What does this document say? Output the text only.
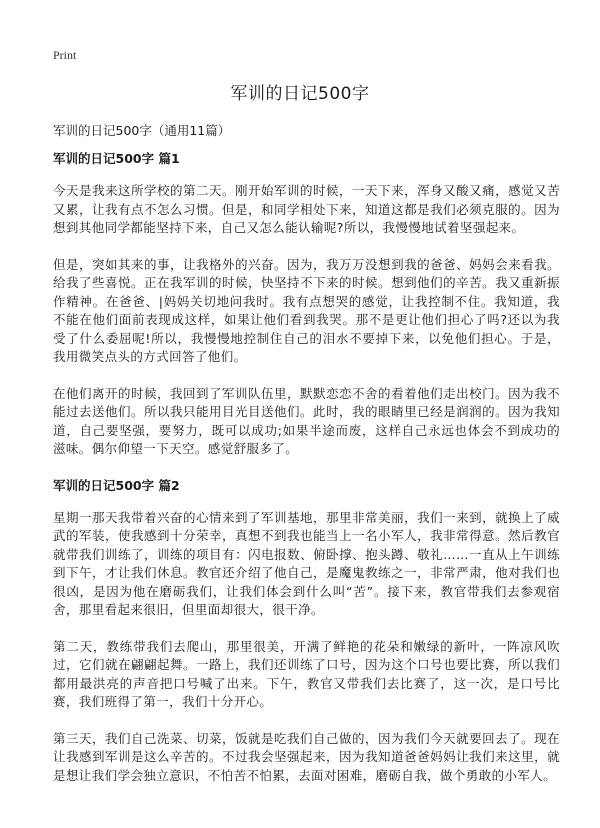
Print
军训的日记500字

军训的日记500字（通用11篇）

军训的日记500字 篇1

今天是我来这所学校的第二天。刚开始军训的时候，一天下来，浑身又酸又痛，感觉又苦又累，让我有点不怎么习惯。但是，和同学相处下来，知道这都是我们必须克服的。因为想到其他同学都能坚持下来，自己又怎么能认输呢?所以，我慢慢地试着坚强起来。

但是，突如其来的事，让我格外的兴奋。因为，我万万没想到我的爸爸、妈妈会来看我。给我了些喜悦。正在我军训的时候，快坚持不下来的时候。想到他们的辛苦。我又重新振作精神。在爸爸、|妈妈关切地问我时。我有点想哭的感觉，让我控制不住。我知道，我不能在他们面前表现成这样，如果让他们看到我哭。那不是更让他们担心了吗?还以为我受了什么委屈呢!所以，我慢慢地控制住自己的泪水不要掉下来，以免他们担心。于是，我用微笑点头的方式回答了他们。

在他们离开的时候，我回到了军训队伍里，默默恋恋不舍的看着他们走出校门。因为我不能过去送他们。所以我只能用目光目送他们。此时，我的眼睛里已经是润润的。因为我知道，自己要坚强，要努力，既可以成功;如果半途而废，这样自己永远也体会不到成功的滋味。偶尔仰望一下天空。感觉舒服多了。

军训的日记500字 篇2

星期一那天我带着兴奋的心情来到了军训基地，那里非常美丽，我们一来到，就换上了威武的军装，使我感到十分荣幸，真想不到我也能当上一名小军人，我非常得意。然后教官就带我们训练了，训练的项目有：闪电报数、俯卧撑、抱头蹲、敬礼……一直从上午训练到下午，才让我们休息。教官还介绍了他自己，是魔鬼教练之一，非常严肃，他对我们也很凶，是因为他在磨砺我们，让我们体会到什么叫“苦”。接下来，教官带我们去参观宿舍，那里看起来很旧，但里面却很大，很干净。

第二天，教练带我们去爬山，那里很美，开满了鲜艳的花朵和嫩绿的新叶，一阵凉风吹过，它们就在翩翩起舞。一路上，我们还训练了口号，因为这个口号也要比赛，所以我们都用最洪亮的声音把口号喊了出来。下午，教官又带我们去比赛了，这一次，是口号比赛，我们班得了第一，我们十分开心。

第三天，我们自己洗菜、切菜，饭就是吃我们自己做的，因为我们今天就要回去了。现在让我感到军训是这么辛苦的。不过我会坚强起来，因为我知道爸爸妈妈让我们来这里，就是想让我们学会独立意识，不怕苦不怕累，去面对困难，磨砺自我，做个勇敢的小军人。
